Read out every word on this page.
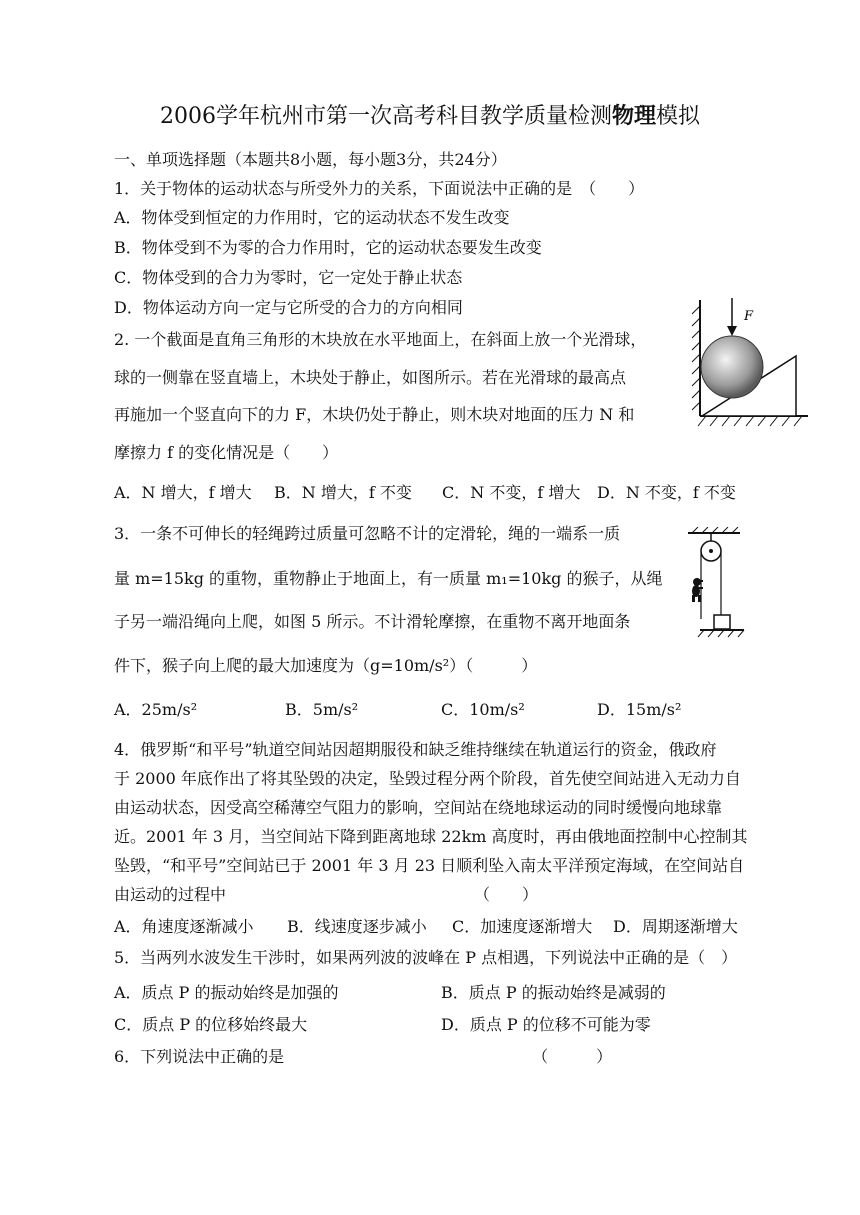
2006学年杭州市第一次高考科目教学质量检测物理模拟
一、单项选择题（本题共8小题，每小题3分，共24分）
1．关于物体的运动状态与所受外力的关系，下面说法中正确的是　（　　）
A．物体受到恒定的力作用时，它的运动状态不发生改变
B．物体受到不为零的合力作用时，它的运动状态要发生改变
C．物体受到的合力为零时，它一定处于静止状态
D．物体运动方向一定与它所受的合力的方向相同
2. 一个截面是直角三角形的木块放在水平地面上，在斜面上放一个光滑球，
球的一侧靠在竖直墙上，木块处于静止，如图所示。若在光滑球的最高点
再施加一个竖直向下的力 F，木块仍处于静止，则木块对地面的压力 N 和
摩擦力 f 的变化情况是（　　）
A．N 增大，f 增大 B．N 增大，f 不变 C．N 不变，f 增大 D．N 不变，f 不变
F
3．一条不可伸长的轻绳跨过质量可忽略不计的定滑轮，绳的一端系一质
量 m=15kg 的重物，重物静止于地面上，有一质量 m₁=10kg 的猴子，从绳
子另一端沿绳向上爬，如图 5 所示。不计滑轮摩擦，在重物不离开地面条
件下，猴子向上爬的最大加速度为（g=10m/s²）（　　　）
A．25m/s²	B．5m/s²	C．10m/s²	D．15m/s²
4．俄罗斯“和平号”轨道空间站因超期服役和缺乏维持继续在轨道运行的资金，俄政府
于 2000 年底作出了将其坠毁的决定，坠毁过程分两个阶段，首先使空间站进入无动力自
由运动状态，因受高空稀薄空气阻力的影响，空间站在绕地球运动的同时缓慢向地球靠
近。2001 年 3 月，当空间站下降到距离地球 22km 高度时，再由俄地面控制中心控制其
坠毁，“和平号”空间站已于 2001 年 3 月 23 日顺利坠入南太平洋预定海域，在空间站自
由运动的过程中　　　　　　　　　　　　　　　　（　　）
A．角速度逐渐减小 B．线速度逐步减小 C．加速度逐渐增大 D．周期逐渐增大
5．当两列水波发生干涉时，如果两列波的波峰在 P 点相遇，下列说法中正确的是（　）
A．质点 P 的振动始终是加强的	B．质点 P 的振动始终是减弱的
C．质点 P 的位移始终最大	D．质点 P 的位移不可能为零
6．下列说法中正确的是　　　　　　　　　　　　　　　　（　　　）
